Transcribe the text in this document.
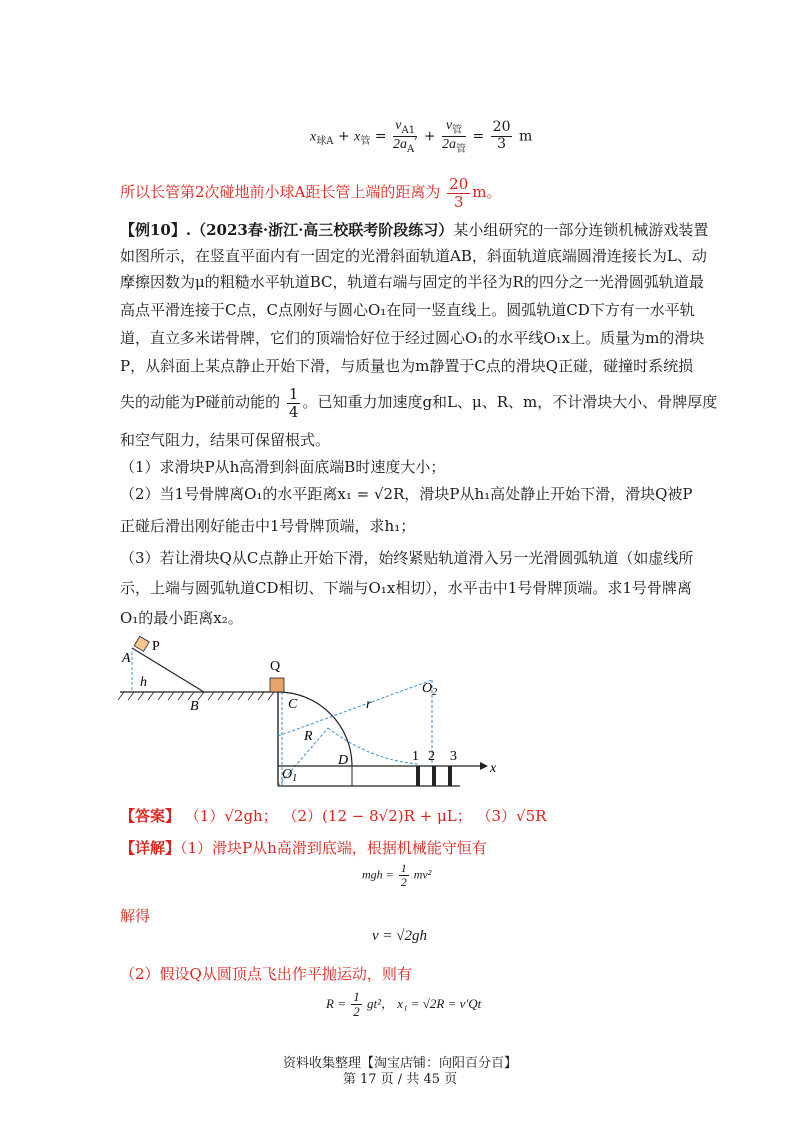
$x_{球A} + x_管 = \frac{v_{A1}}{2a_A'} + \frac{v_管}{2a_管} = \frac{20}{3}$ m
所以长管第2次碰地前小球A距长管上端的距离为 $\frac{20}{3}$ m。
【例10】.（2023春·浙江·高三校联考阶段练习）某小组研究的一部分连锁机械游戏装置
如图所示，在竖直平面内有一固定的光滑斜面轨道AB，斜面轨道底端圆滑连接长为L、动
摩擦因数为μ的粗糙水平轨道BC，轨道右端与固定的半径为R的四分之一光滑圆弧轨道最
高点平滑连接于C点，C点刚好与圆心O₁在同一竖直线上。圆弧轨道CD下方有一水平轨
道，直立多米诺骨牌，它们的顶端恰好位于经过圆心O₁的水平线O₁x上。质量为m的滑块
P，从斜面上某点静止开始下滑，与质量也为m静置于C点的滑块Q正碰，碰撞时系统损
失的动能为P碰前动能的 $\frac{1}{4}$ 。已知重力加速度g和L、μ、R、m，不计滑块大小、骨牌厚度
和空气阻力，结果可保留根式。
（1）求滑块P从h高滑到斜面底端B时速度大小；
（2）当1号骨牌离O₁的水平距离x₁ = √2R，滑块P从h₁高处静止开始下滑，滑块Q被P
正碰后滑出刚好能击中1号骨牌顶端，求h₁；
（3）若让滑块Q从C点静止开始下滑，始终紧贴轨道滑入另一光滑圆弧轨道（如虚线所
示，上端与圆弧轨道CD相切、下端与O₁x相切），水平击中1号骨牌顶端。求1号骨牌离
O₁的最小距离x₂。
A
P
h
B
Q
C
R
D
$O_1$
$O_2$
r
1 2 3
x
【答案】 （1）√2gh； （2）(12 − 8√2)R + μL； （3）√5R
【详解】（1）滑块P从h高滑到底端，根据机械能守恒有
mgh = $\frac{1}{2} mv^2$
解得
v = √2gh
（2）假设Q从圆顶点飞出作平抛运动，则有
$R = \frac{1}{2} gt^2$， x₁ = √2R = v′Qt
资料收集整理【淘宝店铺：向阳百分百】
第 17 页 / 共 45 页
